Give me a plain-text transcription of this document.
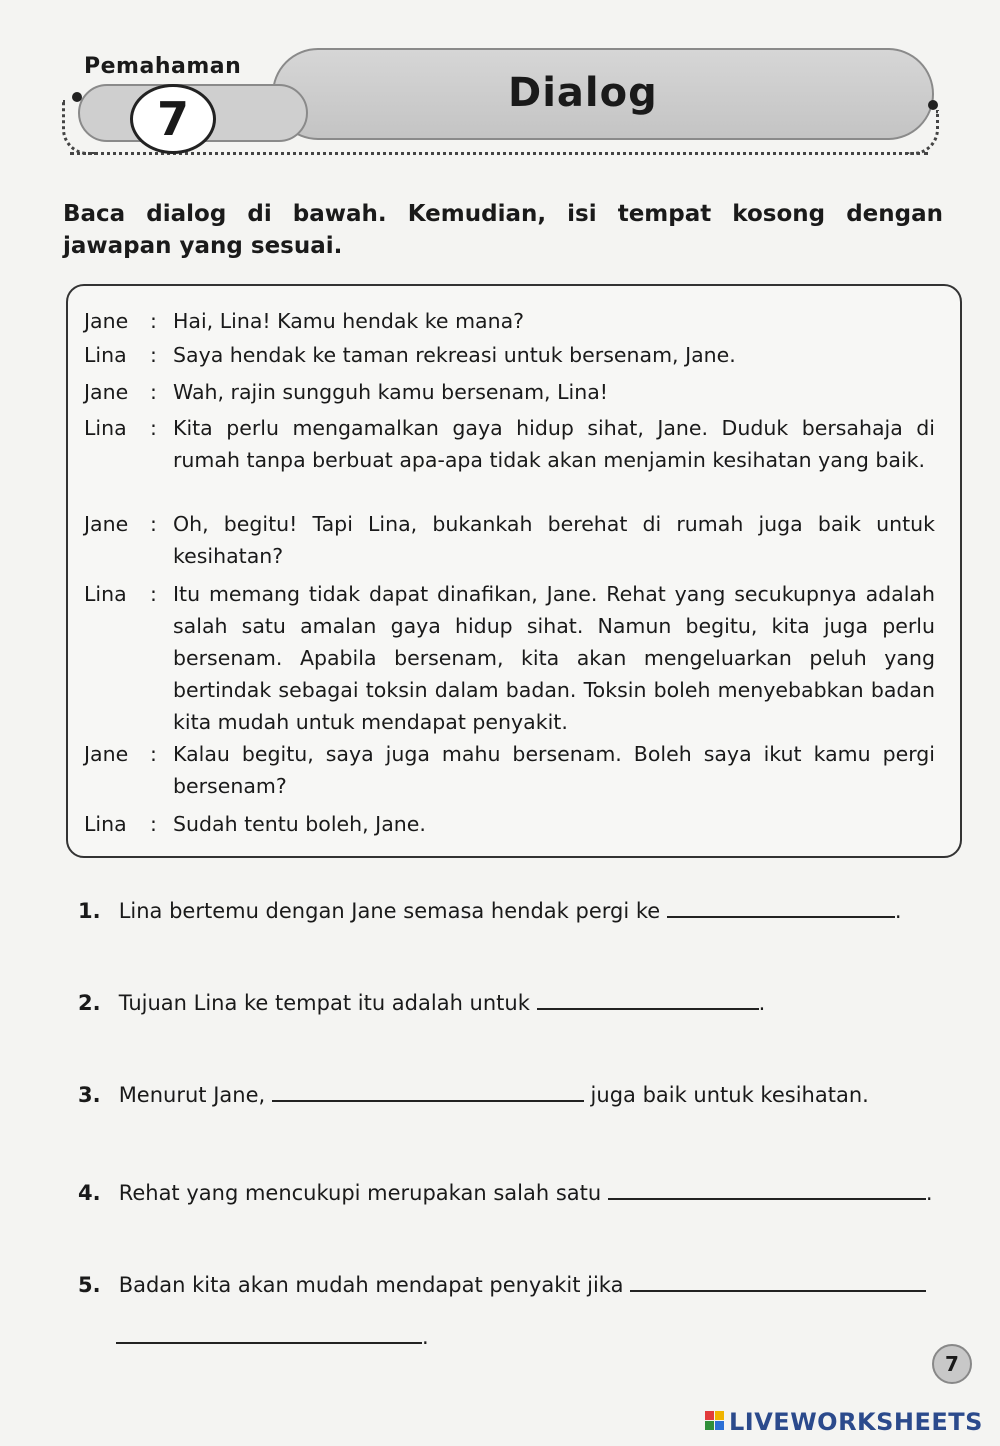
Pemahaman
7	Dialog
Baca dialog di bawah. Kemudian, isi tempat kosong dengan jawapan yang sesuai.
Jane	: Hai, Lina! Kamu hendak ke mana?
Lina	: Saya hendak ke taman rekreasi untuk bersenam, Jane.
Jane	: Wah, rajin sungguh kamu bersenam, Lina!
Lina	: Kita perlu mengamalkan gaya hidup sihat, Jane. Duduk bersahaja di rumah tanpa berbuat apa-apa tidak akan menjamin kesihatan yang baik.
Jane	: Oh, begitu! Tapi Lina, bukankah berehat di rumah juga baik untuk kesihatan?
Lina	: Itu memang tidak dapat dinafikan, Jane. Rehat yang secukupnya adalah salah satu amalan gaya hidup sihat. Namun begitu, kita juga perlu bersenam. Apabila bersenam, kita akan mengeluarkan peluh yang bertindak sebagai toksin dalam badan. Toksin boleh menyebabkan badan kita mudah untuk mendapat penyakit.
Jane	: Kalau begitu, saya juga mahu bersenam. Boleh saya ikut kamu pergi bersenam?
Lina	: Sudah tentu boleh, Jane.
1. Lina bertemu dengan Jane semasa hendak pergi ke	.
2. Tujuan Lina ke tempat itu adalah untuk	.
3. Menurut Jane,	juga baik untuk kesihatan.
4. Rehat yang mencukupi merupakan salah satu	.
5. Badan kita akan mudah mendapat penyakit jika
.
7
LIVEWORKSHEETS
